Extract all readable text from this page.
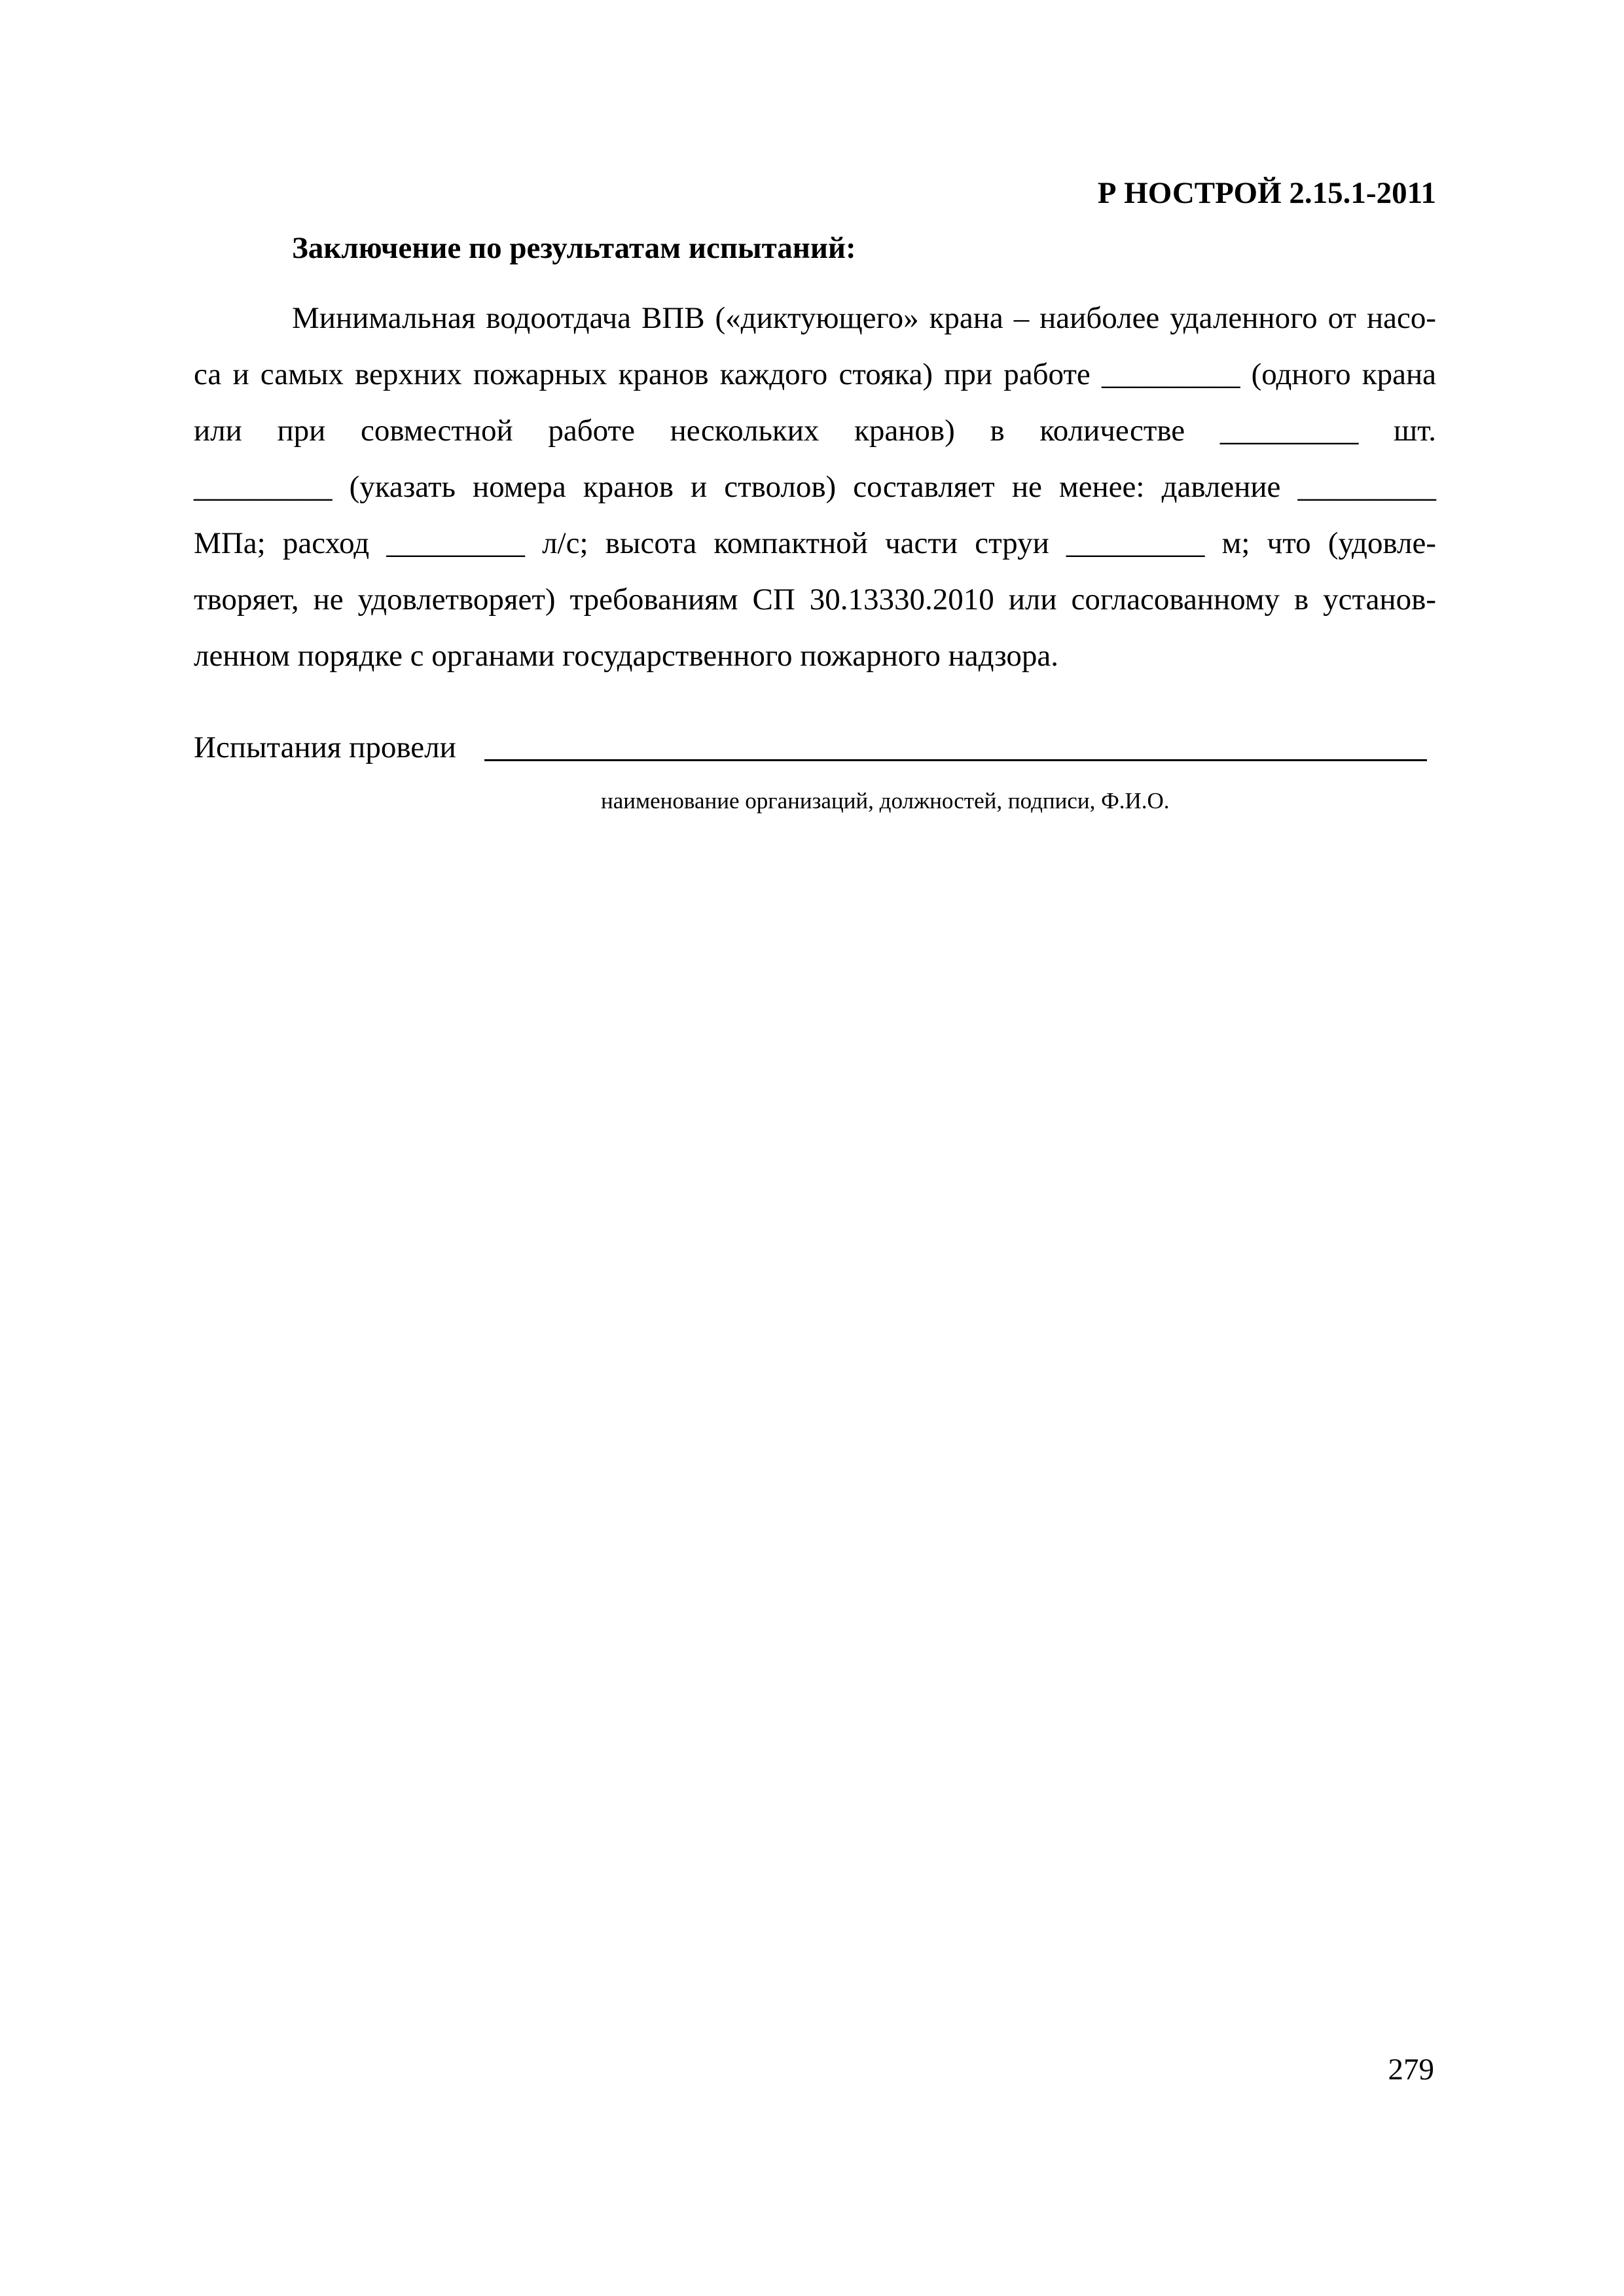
Р НОСТРОЙ 2.15.1-2011
Заключение по результатам испытаний:
Минимальная водоотдача ВПВ («диктующего» крана – наиболее удаленного от насо-
са и самых верхних пожарных кранов каждого стояка) при работе _________ (одного крана
или при совместной работе нескольких кранов) в количестве _________ шт.
_________ (указать номера кранов и стволов) составляет не менее: давление _________
МПа; расход _________ л/с; высота компактной части струи _________ м; что (удовле-
творяет, не удовлетворяет) требованиям СП 30.13330.2010 или согласованному в установ-
ленном порядке с органами государственного пожарного надзора.
Испытания провели
наименование организаций, должностей, подписи, Ф.И.О.
279
